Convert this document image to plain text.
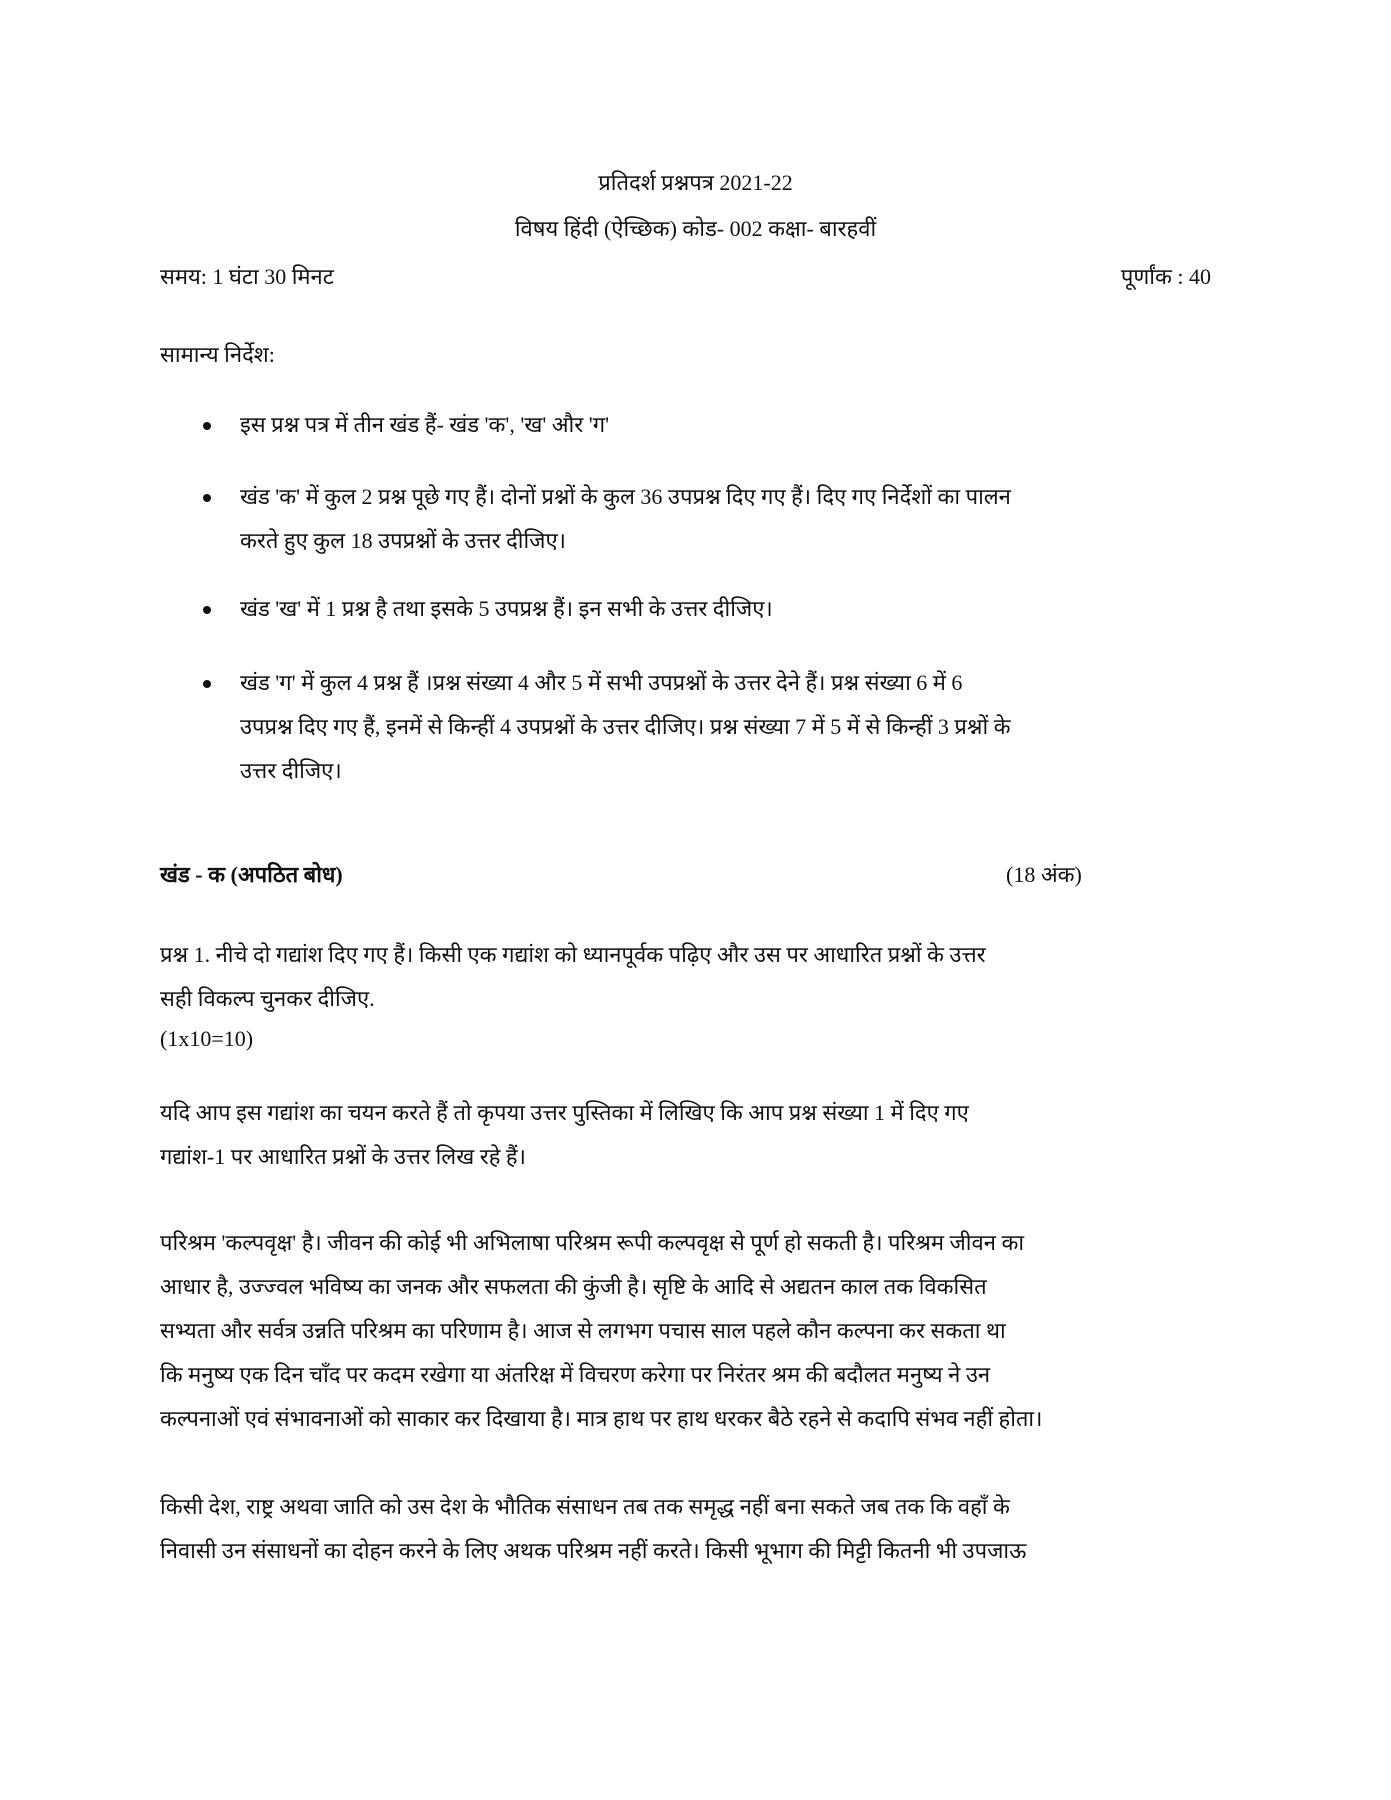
प्रतिदर्श प्रश्नपत्र 2021-22
विषय हिंदी (ऐच्छिक) कोड- 002 कक्षा- बारहवीं
समय: 1 घंटा 30 मिनट	पूर्णांक : 40
सामान्य निर्देश:
इस प्रश्न पत्र में तीन खंड हैं- खंड 'क', 'ख' और 'ग'
खंड 'क' में कुल 2 प्रश्न पूछे गए हैं। दोनों प्रश्नों के कुल 36 उपप्रश्न दिए गए हैं। दिए गए निर्देशों का पालन
करते हुए कुल 18 उपप्रश्नों के उत्तर दीजिए।
खंड 'ख' में 1 प्रश्न है तथा इसके 5 उपप्रश्न हैं। इन सभी के उत्तर दीजिए।
खंड 'ग' में कुल 4 प्रश्न हैं ।प्रश्न संख्या 4 और 5 में सभी उपप्रश्नों के उत्तर देने हैं। प्रश्न संख्या 6 में 6
उपप्रश्न दिए गए हैं, इनमें से किन्हीं 4 उपप्रश्नों के उत्तर दीजिए। प्रश्न संख्या 7 में 5 में से किन्हीं 3 प्रश्नों के
उत्तर दीजिए।
खंड - क (अपठित बोध)	(18 अंक)
प्रश्न 1. नीचे दो गद्यांश दिए गए हैं। किसी एक गद्यांश को ध्यानपूर्वक पढ़िए और उस पर आधारित प्रश्नों के उत्तर
सही विकल्प चुनकर दीजिए.
(1x10=10)
यदि आप इस गद्यांश का चयन करते हैं तो कृपया उत्तर पुस्तिका में लिखिए कि आप प्रश्न संख्या 1 में दिए गए
गद्यांश-1 पर आधारित प्रश्नों के उत्तर लिख रहे हैं।
परिश्रम 'कल्पवृक्ष' है। जीवन की कोई भी अभिलाषा परिश्रम रूपी कल्पवृक्ष से पूर्ण हो सकती है। परिश्रम जीवन का
आधार है, उज्ज्वल भविष्य का जनक और सफलता की कुंजी है। सृष्टि के आदि से अद्यतन काल तक विकसित
सभ्यता और सर्वत्र उन्नति परिश्रम का परिणाम है। आज से लगभग पचास साल पहले कौन कल्पना कर सकता था
कि मनुष्य एक दिन चाँद पर कदम रखेगा या अंतरिक्ष में विचरण करेगा पर निरंतर श्रम की बदौलत मनुष्य ने उन
कल्पनाओं एवं संभावनाओं को साकार कर दिखाया है। मात्र हाथ पर हाथ धरकर बैठे रहने से कदापि संभव नहीं होता।
किसी देश, राष्ट्र अथवा जाति को उस देश के भौतिक संसाधन तब तक समृद्ध नहीं बना सकते जब तक कि वहाँ के
निवासी उन संसाधनों का दोहन करने के लिए अथक परिश्रम नहीं करते। किसी भूभाग की मिट्टी कितनी भी उपजाऊ
